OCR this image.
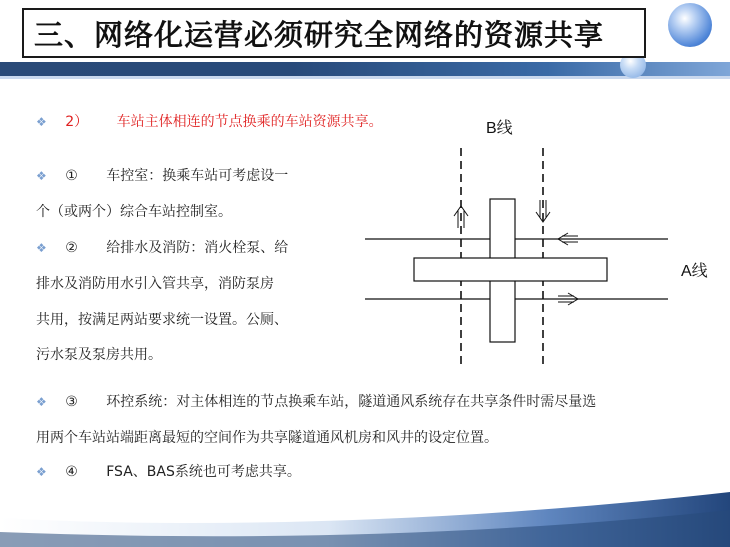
三、网络化运营必须研究全网络的资源共享
❖ 2） 车站主体相连的节点换乘的车站资源共享。
❖ ① 车控室：换乘车站可考虑设一
个（或两个）综合车站控制室。
❖ ② 给排水及消防：消火栓泵、给
排水及消防用水引入管共享，消防泵房
共用，按满足两站要求统一设置。公厕、
污水泵及泵房共用。
❖ ③ 环控系统：对主体相连的节点换乘车站，隧道通风系统存在共享条件时需尽量选
用两个车站站端距离最短的空间作为共享隧道通风机房和风井的设定位置。
❖ ④ FSA、BAS系统也可考虑共享。
B线
A线
